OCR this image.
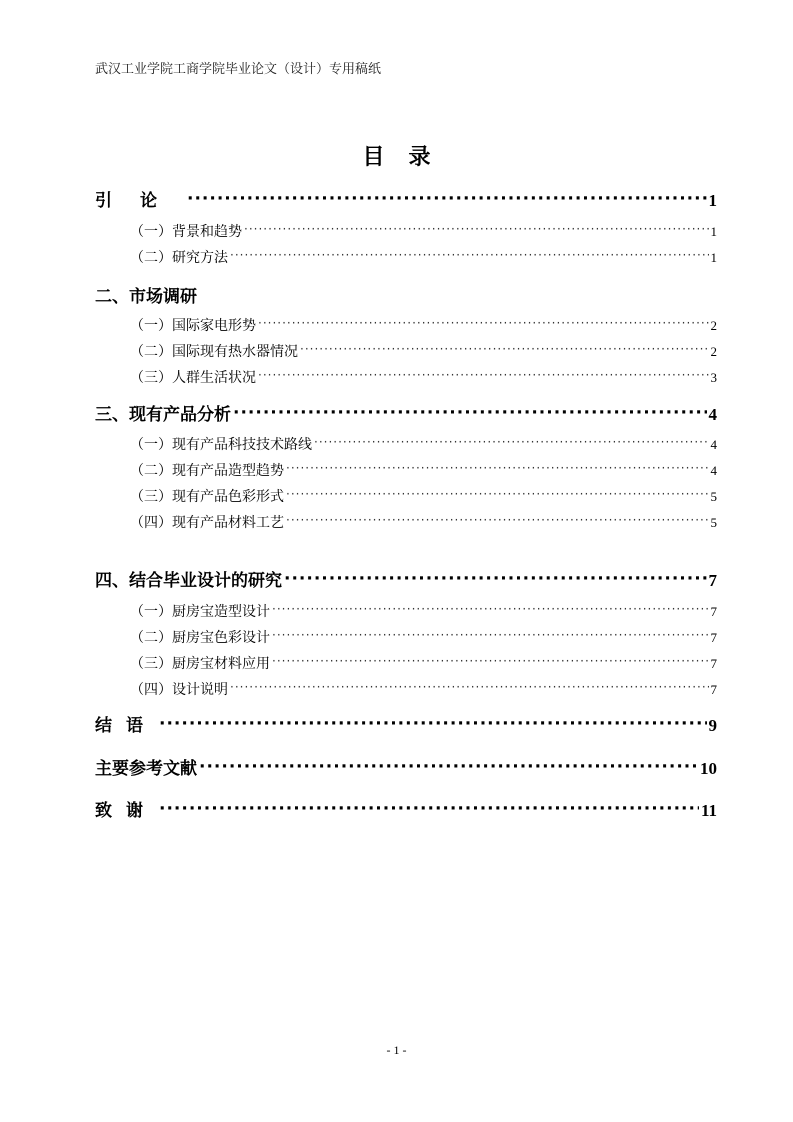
武汉工业学院工商学院毕业论文（设计）专用稿纸
目录
引论 ·····	1
（一）背景和趋势 ·····	1
（二）研究方法 ·····	1
二、市场调研
（一）国际家电形势 ·····	2
（二）国际现有热水器情况 ·····	2
（三）人群生活状况 ·····	3
三、现有产品分析 ·····	4
（一）现有产品科技技术路线 ·····	4
（二）现有产品造型趋势 ·····	4
（三）现有产品色彩形式 ·····	5
（四）现有产品材料工艺 ·····	5
四、结合毕业设计的研究 ·····	7
（一）厨房宝造型设计 ·····	7
（二）厨房宝色彩设计 ·····	7
（三）厨房宝材料应用 ·····	7
（四）设计说明 ·····	7
结语 ·····	9
主要参考文献 ·····	10
致谢 ·····	11
- 1 -
